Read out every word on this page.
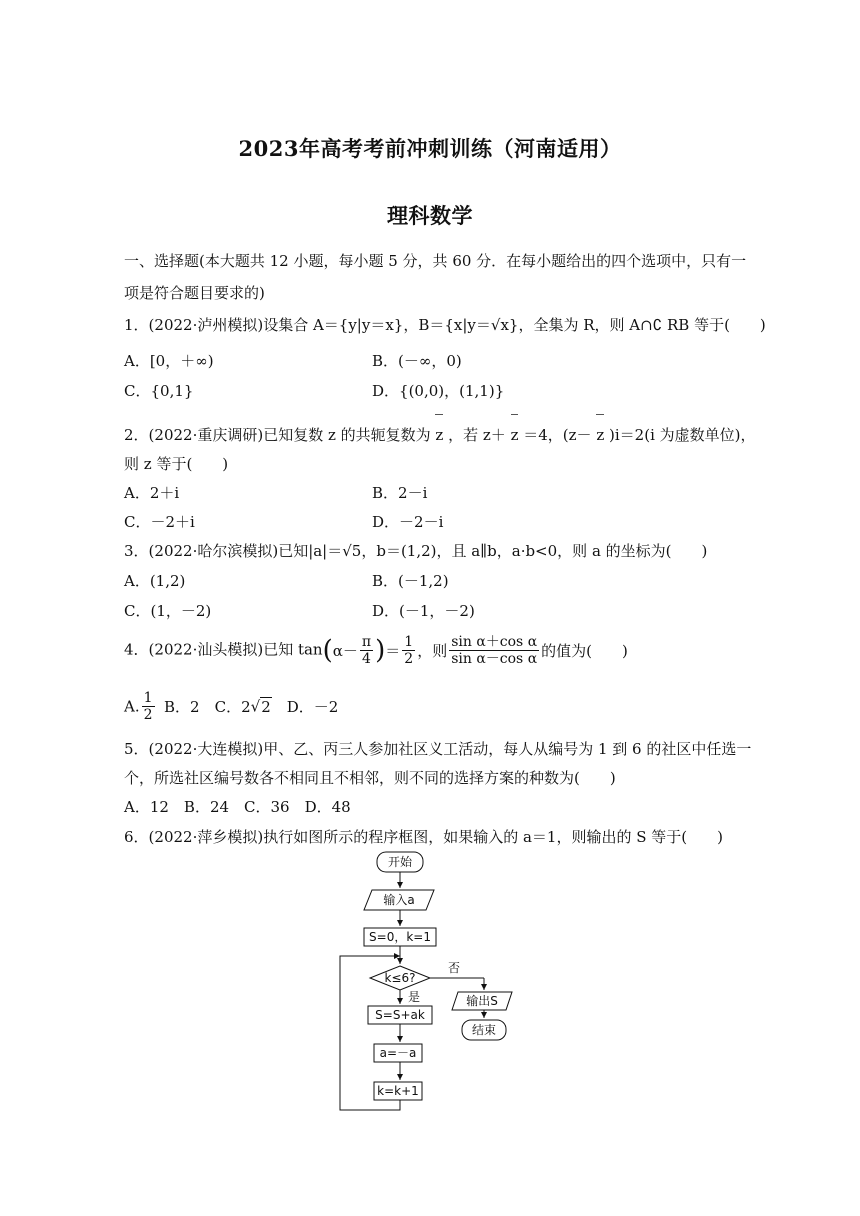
2023年高考考前冲刺训练（河南适用）
理科数学
一、选择题(本大题共 12 小题，每小题 5 分，共 60 分．在每小题给出的四个选项中，只有一
项是符合题目要求的)
1．(2022·泸州模拟)设集合 A＝{y|y＝x}，B＝{x|y＝√x}，全集为 R，则 A∩∁ RB 等于(　　)
A．[0，＋∞)	B．(－∞，0)
C．{0,1}	D．{(0,0)，(1,1)}
2．(2022·重庆调研)已知复数 z 的共轭复数为 z ，若 z＋ z ＝4，(z－ z )i＝2(i 为虚数单位)，
则 z 等于(　　)
A．2＋i	B．2－i
C．－2＋i	D．－2－i
3．(2022·哈尔滨模拟)已知|a|＝√5，b＝(1,2)，且 a∥b，a·b<0，则 a 的坐标为(　　)
A．(1,2)	B．(－1,2)
C．(1，－2)	D．(－1，－2)
4．(2022·汕头模拟)已知 $\tan(\alpha- \frac{\pi}{4}$ )＝ $\frac{1}{2}$ ，则 $\frac{\text{sin α＋cos α}}{\text{sin α－cos α}}$ 的值为(　　)
A. $\frac{1}{2}$
  B．2　C．2√2  D．－2
5．(2022·大连模拟)甲、乙、丙三人参加社区义工活动，每人从编号为 1 到 6 的社区中任选一
个，所选社区编号数各不相同且不相邻，则不同的选择方案的种数为(　　)
A．12　B．24　C．36　D．48
6．(2022·萍乡模拟)执行如图所示的程序框图，如果输入的 a＝1，则输出的 S 等于(　　)
开始
输入a
S=0，k=1
k≤6?
否
输出S
结束
是
S=S+ak
a=－a
k=k+1
